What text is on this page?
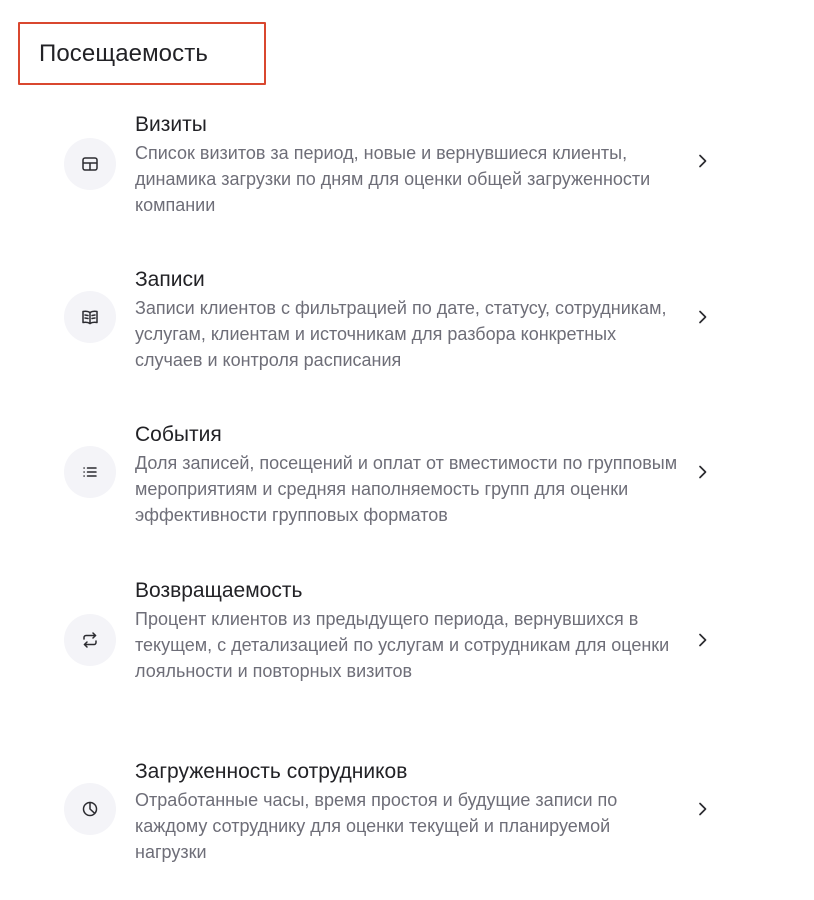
Посещаемость
Визиты
Список визитов за период, новые и вернувшиеся клиенты, динамика загрузки по дням для оценки общей загруженности компании
Записи
Записи клиентов с фильтрацией по дате, статусу, сотрудникам, услугам, клиентам и источникам для разбора конкретных случаев и контроля расписания
События
Доля записей, посещений и оплат от вместимости по групповым мероприятиям и средняя наполняемость групп для оценки эффективности групповых форматов
Возвращаемость
Процент клиентов из предыдущего периода, вернувшихся в текущем, с детализацией по услугам и сотрудникам для оценки лояльности и повторных визитов
Загруженность сотрудников
Отработанные часы, время простоя и будущие записи по каждому сотруднику для оценки текущей и планируемой нагрузки
